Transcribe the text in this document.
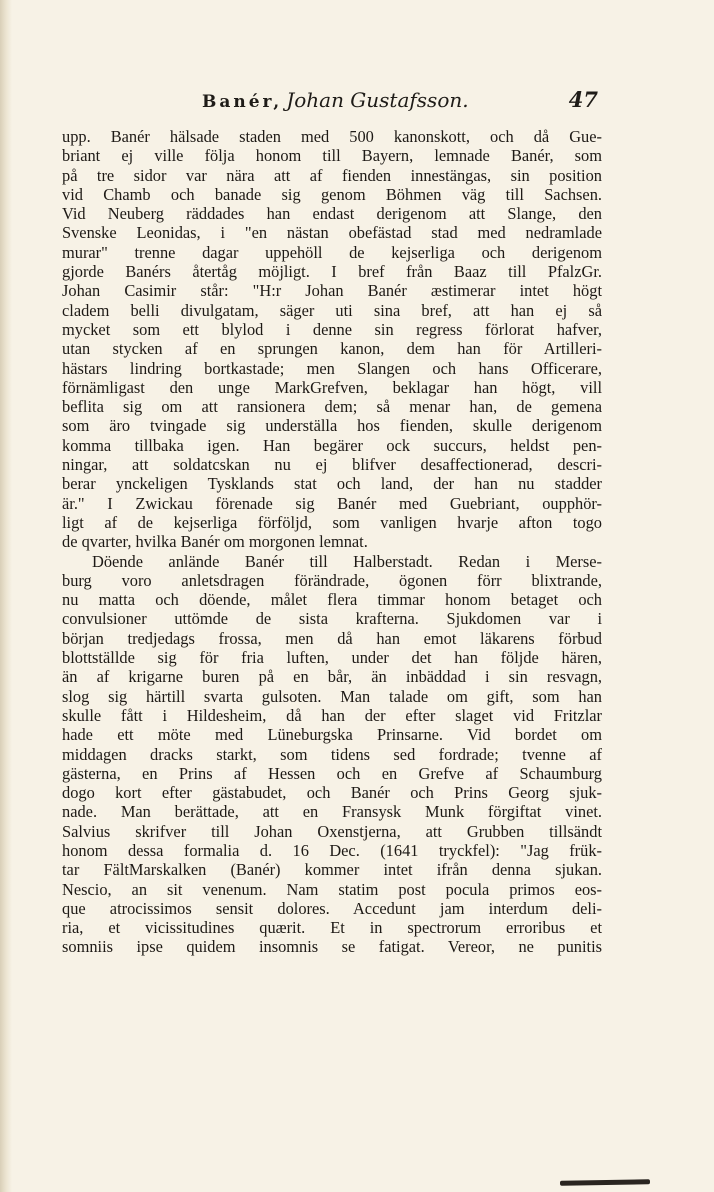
Banér, Johan Gustafsson.	47
upp. Banér hälsade staden med 500 kanonskott, och då Gue-
briant ej ville följa honom till Bayern, lemnade Banér, som
på tre sidor var nära att af fienden innestängas, sin position
vid Chamb och banade sig genom Böhmen väg till Sachsen.
Vid Neuberg räddades han endast derigenom att Slange, den
Svenske Leonidas, i "en nästan obefästad stad med nedramlade
murar" trenne dagar uppehöll de kejserliga och derigenom
gjorde Banérs återtåg möjligt. I bref från Baaz till PfalzGr.
Johan Casimir står: "H:r Johan Banér æstimerar intet högt
cladem belli divulgatam, säger uti sina bref, att han ej så
mycket som ett blylod i denne sin regress förlorat hafver,
utan stycken af en sprungen kanon, dem han för Artilleri-
hästars lindring bortkastade; men Slangen och hans Officerare,
förnämligast den unge MarkGrefven, beklagar han högt, vill
beflita sig om att ransionera dem; så menar han, de gemena
som äro tvingade sig underställa hos fienden, skulle derigenom
komma tillbaka igen. Han begärer ock succurs, heldst pen-
ningar, att soldatcskan nu ej blifver desaffectionerad, descri-
berar ynckeligen Tysklands stat och land, der han nu stadder
är." I Zwickau förenade sig Banér med Guebriant, oupphör-
ligt af de kejserliga förföljd, som vanligen hvarje afton togo
de qvarter, hvilka Banér om morgonen lemnat.
Döende anlände Banér till Halberstadt. Redan i Merse-
burg voro anletsdragen förändrade, ögonen förr blixtrande,
nu matta och döende, målet flera timmar honom betaget och
convulsioner uttömde de sista krafterna. Sjukdomen var i
början tredjedags frossa, men då han emot läkarens förbud
blottställde sig för fria luften, under det han följde hären,
än af krigarne buren på en bår, än inbäddad i sin resvagn,
slog sig härtill svarta gulsoten. Man talade om gift, som han
skulle fått i Hildesheim, då han der efter slaget vid Fritzlar
hade ett möte med Lüneburgska Prinsarne. Vid bordet om
middagen dracks starkt, som tidens sed fordrade; tvenne af
gästerna, en Prins af Hessen och en Grefve af Schaumburg
dogo kort efter gästabudet, och Banér och Prins Georg sjuk-
nade. Man berättade, att en Fransysk Munk förgiftat vinet.
Salvius skrifver till Johan Oxenstjerna, att Grubben tillsändt
honom dessa formalia d. 16 Dec. (1641 tryckfel): "Jag frük-
tar FältMarskalken (Banér) kommer intet ifrån denna sjukan.
Nescio, an sit venenum. Nam statim post pocula primos eos-
que atrocissimos sensit dolores. Accedunt jam interdum deli-
ria, et vicissitudines quærit. Et in spectrorum erroribus et
somniis ipse quidem insomnis se fatigat. Vereor, ne punitis
